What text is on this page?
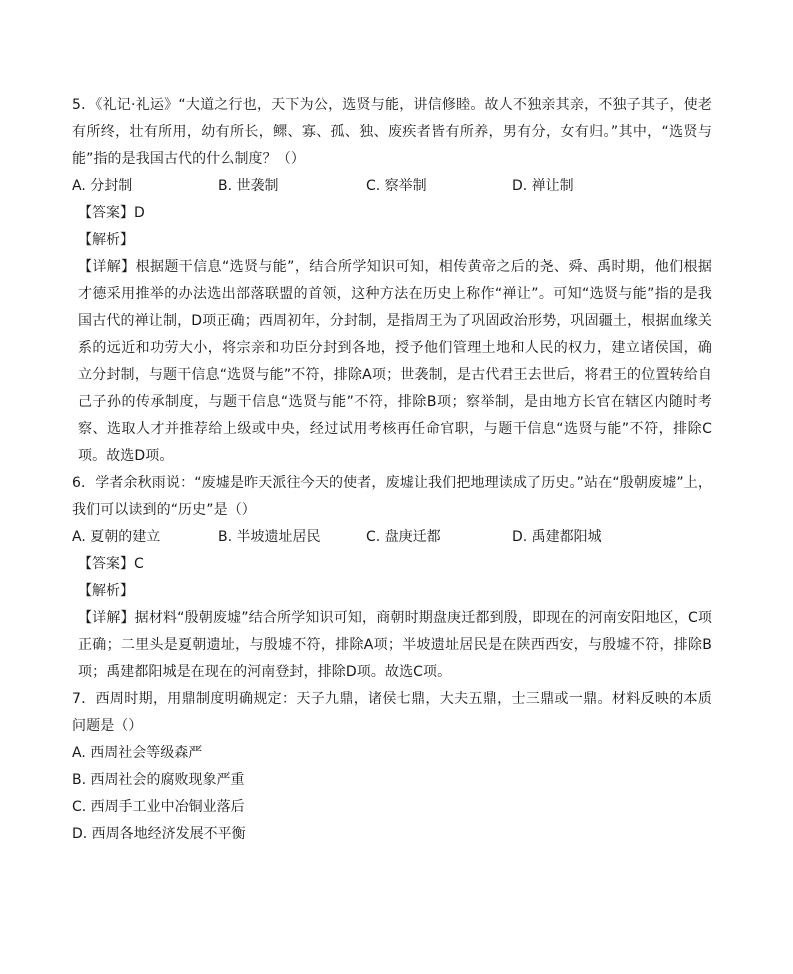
5．《礼记·礼运》“大道之行也，天下为公，选贤与能，讲信修睦。故人不独亲其亲，不独子其子，使老有所终，壮有所用，幼有所长，鳏、寡、孤、独、废疾者皆有所养，男有分，女有归。”其中，“选贤与能”指的是我国古代的什么制度？（）

A. 分封制	B. 世袭制	C. 察举制	D. 禅让制

【答案】D

【解析】

【详解】根据题干信息“选贤与能”，结合所学知识可知，相传黄帝之后的尧、舜、禹时期，他们根据才德采用推举的办法选出部落联盟的首领，这种方法在历史上称作“禅让”。可知“选贤与能”指的是我国古代的禅让制，D项正确；西周初年，分封制，是指周王为了巩固政治形势，巩固疆土，根据血缘关系的远近和功劳大小，将宗亲和功臣分封到各地，授予他们管理土地和人民的权力，建立诸侯国，确立分封制，与题干信息“选贤与能”不符，排除A项；世袭制，是古代君王去世后，将君王的位置转给自己子孙的传承制度，与题干信息“选贤与能”不符，排除B项；察举制，是由地方长官在辖区内随时考察、选取人才并推荐给上级或中央，经过试用考核再任命官职，与题干信息“选贤与能”不符，排除C项。故选D项。

6．学者余秋雨说：“废墟是昨天派往今天的使者，废墟让我们把地理读成了历史。”站在“殷朝废墟”上，我们可以读到的“历史”是（）

A. 夏朝的建立	B. 半坡遗址居民	C. 盘庚迁都	D. 禹建都阳城

【答案】C

【解析】

【详解】据材料“殷朝废墟”结合所学知识可知，商朝时期盘庚迁都到殷，即现在的河南安阳地区，C项正确；二里头是夏朝遗址，与殷墟不符，排除A项；半坡遗址居民是在陕西西安，与殷墟不符，排除B项；禹建都阳城是在现在的河南登封，排除D项。故选C项。

7．西周时期，用鼎制度明确规定：天子九鼎，诸侯七鼎，大夫五鼎，士三鼎或一鼎。材料反映的本质问题是（）

A. 西周社会等级森严

B. 西周社会的腐败现象严重

C. 西周手工业中冶铜业落后

D. 西周各地经济发展不平衡
